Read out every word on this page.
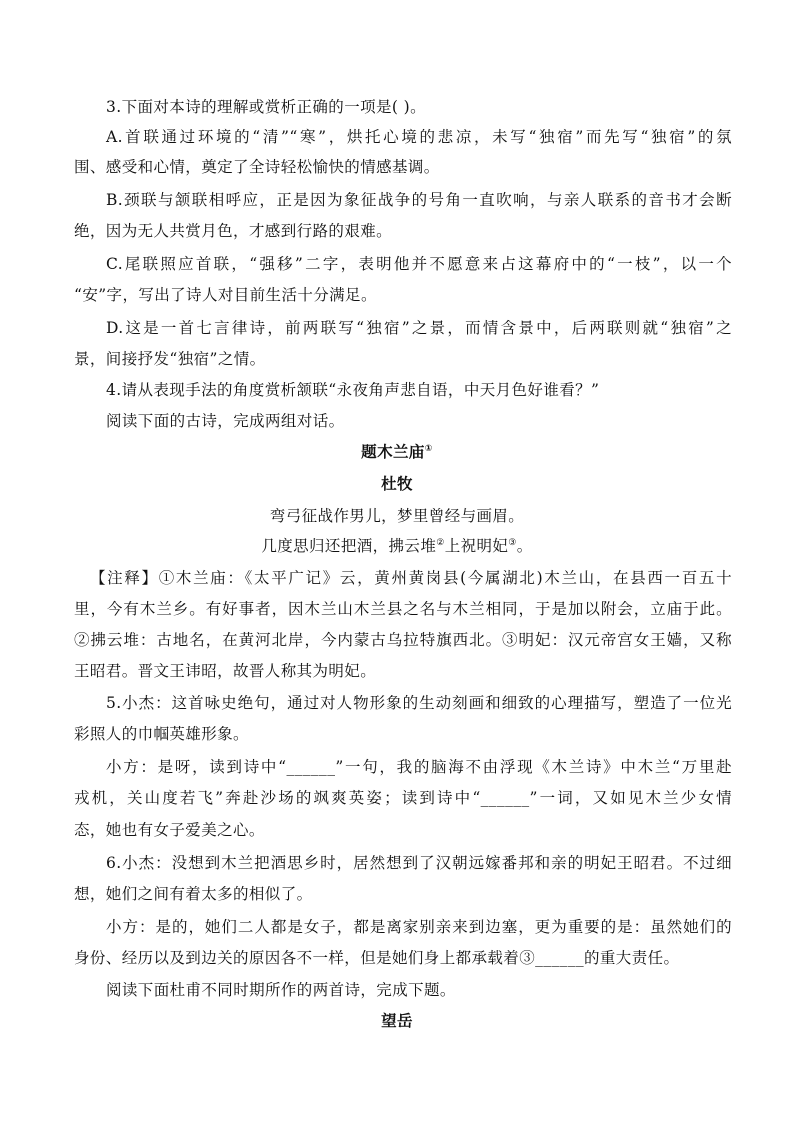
3.下面对本诗的理解或赏析正确的一项是( )。
A.首联通过环境的“清”“寒”，烘托心境的悲凉，未写“独宿”而先写“独宿”的氛
围、感受和心情，奠定了全诗轻松愉快的情感基调。
B.颈联与颔联相呼应，正是因为象征战争的号角一直吹响，与亲人联系的音书才会断
绝，因为无人共赏月色，才感到行路的艰难。
C.尾联照应首联，“强移”二字，表明他并不愿意来占这幕府中的“一枝”，以一个
“安”字，写出了诗人对目前生活十分满足。
D.这是一首七言律诗，前两联写“独宿”之景，而情含景中，后两联则就“独宿”之
景，间接抒发“独宿”之情。
4.请从表现手法的角度赏析颔联“永夜角声悲自语，中天月色好谁看？”
阅读下面的古诗，完成两组对话。
题木兰庙①
杜牧
弯弓征战作男儿，梦里曾经与画眉。
几度思归还把酒，拂云堆②上祝明妃③。
【注释】①木兰庙：《太平广记》云，黄州黄岗县(今属湖北)木兰山，在县西一百五十
里，今有木兰乡。有好事者，因木兰山木兰县之名与木兰相同，于是加以附会，立庙于此。
②拂云堆：古地名，在黄河北岸，今内蒙古乌拉特旗西北。③明妃：汉元帝宫女王嫱，又称
王昭君。晋文王讳昭，故晋人称其为明妃。
5.小杰：这首咏史绝句，通过对人物形象的生动刻画和细致的心理描写，塑造了一位光
彩照人的巾帼英雄形象。
小方：是呀，读到诗中“______”一句，我的脑海不由浮现《木兰诗》中木兰“万里赴
戎机，关山度若飞”奔赴沙场的飒爽英姿；读到诗中“______”一词，又如见木兰少女情
态，她也有女子爱美之心。
6.小杰：没想到木兰把酒思乡时，居然想到了汉朝远嫁番邦和亲的明妃王昭君。不过细
想，她们之间有着太多的相似了。
小方：是的，她们二人都是女子，都是离家别亲来到边塞，更为重要的是：虽然她们的
身份、经历以及到边关的原因各不一样，但是她们身上都承载着③______的重大责任。
阅读下面杜甫不同时期所作的两首诗，完成下题。
望岳
